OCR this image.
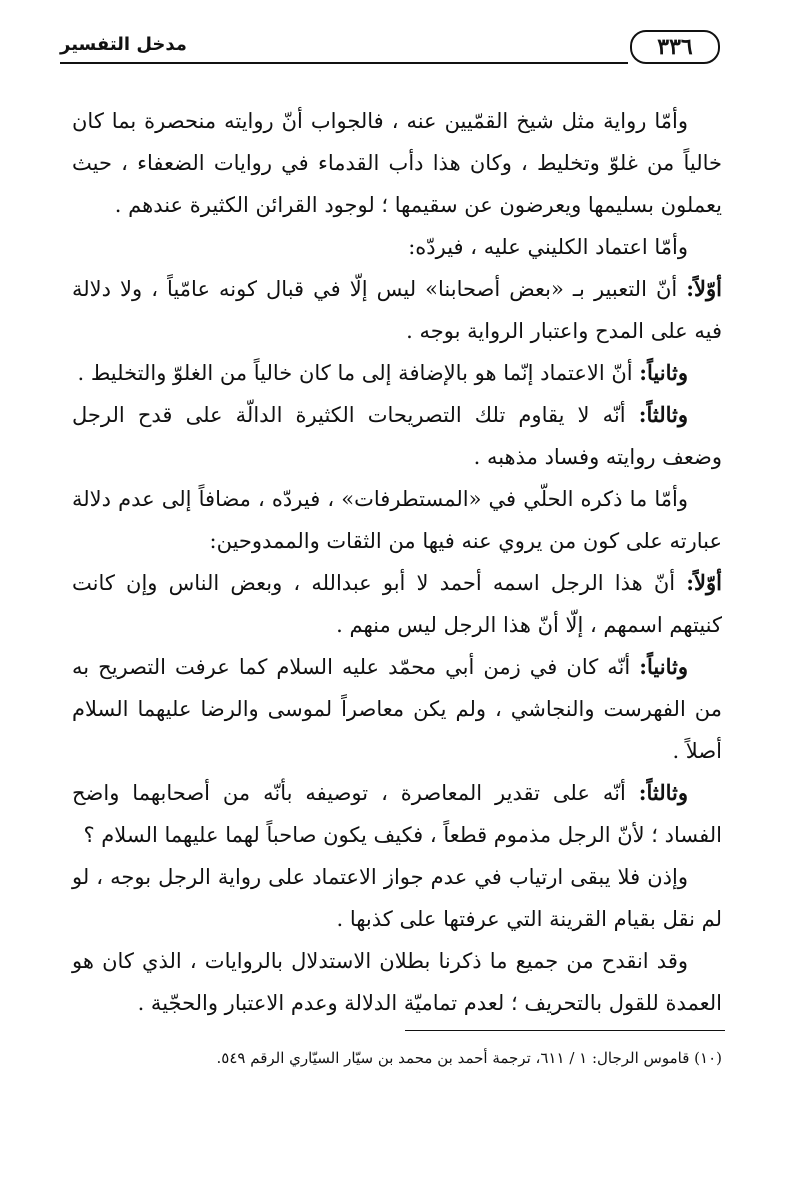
مدخل التفسير	٣٣٦

وأمّا رواية مثل شيخ القمّيين عنه ، فالجواب أنّ روايته منحصرة بما كان خالياً من غلوّ وتخليط ، وكان هذا دأب القدماء في روايات الضعفاء ، حيث يعملون بسليمها ويعرضون عن سقيمها ؛ لوجود القرائن الكثيرة عندهم .

وأمّا اعتماد الكليني عليه ، فيردّه:

أوّلاً: أنّ التعبير بـ «بعض أصحابنا» ليس إلّا في قبال كونه عامّياً ، ولا دلالة فيه على المدح واعتبار الرواية بوجه .

وثانياً: أنّ الاعتماد إنّما هو بالإضافة إلى ما كان خالياً من الغلوّ والتخليط .

وثالثاً: أنّه لا يقاوم تلك التصريحات الكثيرة الدالّة على قدح الرجل وضعف روايته وفساد مذهبه .

وأمّا ما ذكره الحلّي في «المستطرفات» ، فيردّه ، مضافاً إلى عدم دلالة عبارته على كون من يروي عنه فيها من الثقات والممدوحين:

أوّلاً: أنّ هذا الرجل اسمه أحمد لا أبو عبدالله ، وبعض الناس وإن كانت كنيتهم اسمهم ، إلّا أنّ هذا الرجل ليس منهم .

وثانياً: أنّه كان في زمن أبي محمّد عليه السلام كما عرفت التصريح به من الفهرست والنجاشي ، ولم يكن معاصراً لموسى والرضا عليهما السلام أصلاً .

وثالثاً: أنّه على تقدير المعاصرة ، توصيفه بأنّه من أصحابهما واضح الفساد ؛ لأنّ الرجل مذموم قطعاً ، فكيف يكون صاحباً لهما عليهما السلام ؟

وإذن فلا يبقى ارتياب في عدم جواز الاعتماد على رواية الرجل بوجه ، لو لم نقل بقيام القرينة التي عرفتها على كذبها .

وقد انقدح من جميع ما ذكرنا بطلان الاستدلال بالروايات ، الذي كان هو العمدة للقول بالتحريف ؛ لعدم تماميّة الدلالة وعدم الاعتبار والحجّية .

(١٠) قاموس الرجال: ١ / ٦١١، ترجمة أحمد بن محمد بن سيّار السيّاري الرقم ٥٤٩.
